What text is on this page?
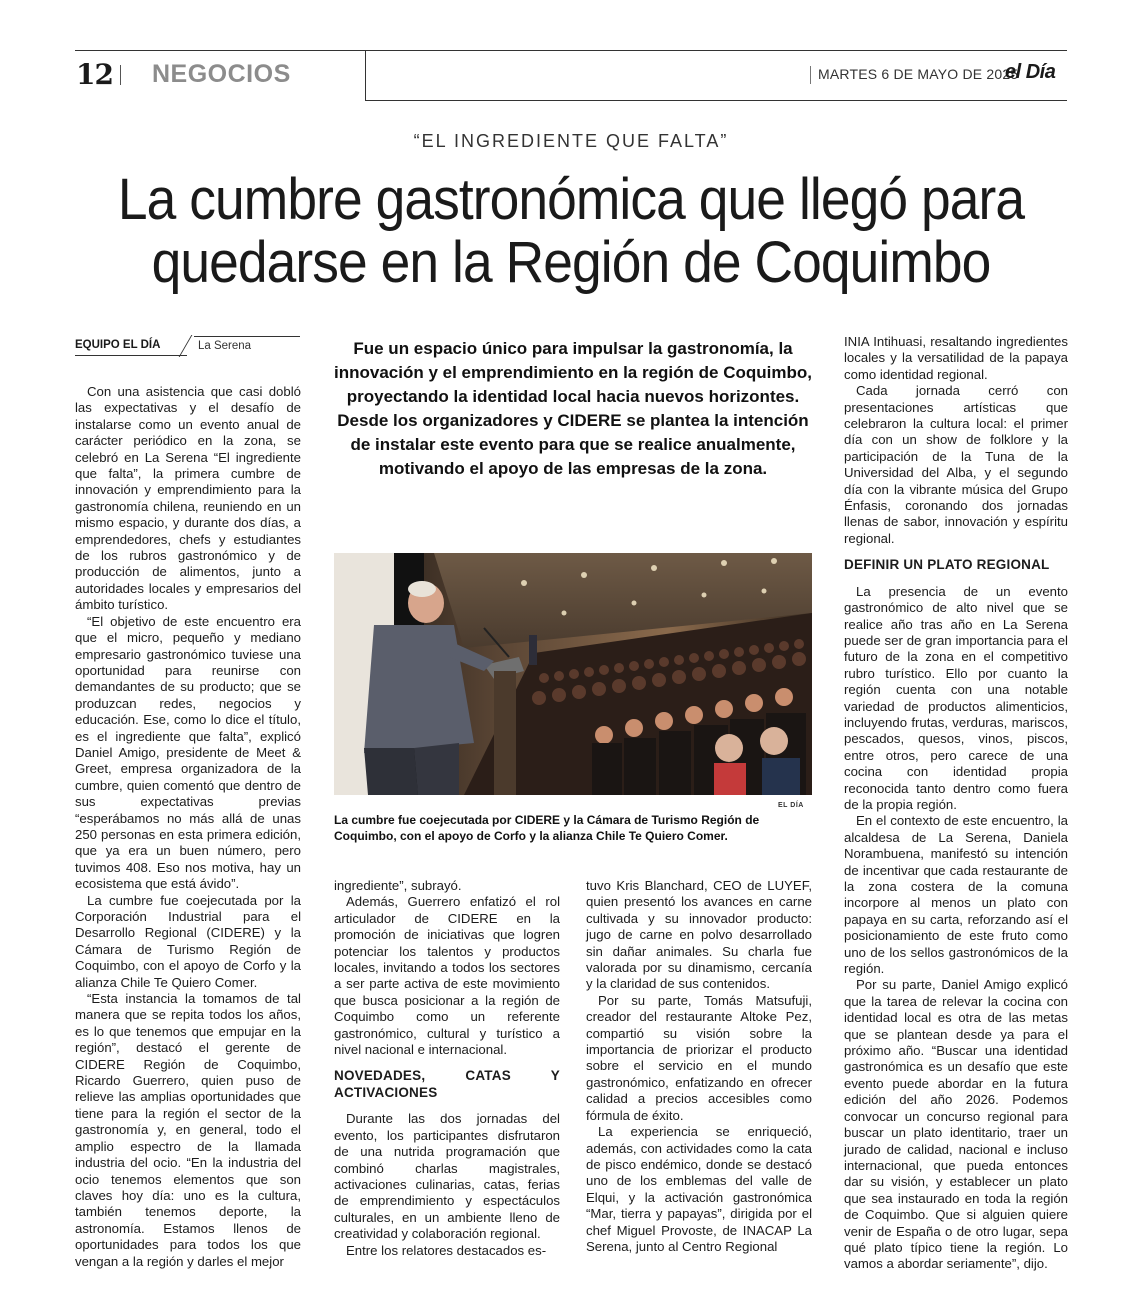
12 NEGOCIOS	MARTES 6 DE MAYO DE 2025
el Día
“EL INGREDIENTE QUE FALTA”
La cumbre gastronómica que llegó para
quedarse en la Región de Coquimbo
EQUIPO EL DÍA	La Serena

Con una asistencia que casi dobló las expectativas y el desafío de instalarse como un evento anual de carácter periódico en la zona, se celebró en La Serena “El ingrediente que falta”, la primera cumbre de innovación y emprendimiento para la gastronomía chilena, reuniendo en un mismo espacio, y durante dos días, a emprendedores, chefs y estudiantes de los rubros gastronómico y de producción de alimentos, junto a autoridades locales y empresarios del ámbito turístico.

“El objetivo de este encuentro era que el micro, pequeño y mediano empresario gastronómico tuviese una oportunidad para reunirse con demandantes de su producto; que se produzcan redes, negocios y educación. Ese, como lo dice el título, es el ingrediente que falta”, explicó Daniel Amigo, presidente de Meet & Greet, empresa organizadora de la cumbre, quien comentó que dentro de sus expectativas previas “esperábamos no más allá de unas 250 personas en esta primera edición, que ya era un buen número, pero tuvimos 408. Eso nos motiva, hay un ecosistema que está ávido”.

La cumbre fue coejecutada por la Corporación Industrial para el Desarrollo Regional (CIDERE) y la Cámara de Turismo Región de Coquimbo, con el apoyo de Corfo y la alianza Chile Te Quiero Comer.

“Esta instancia la tomamos de tal manera que se repita todos los años, es lo que tenemos que empujar en la región”, destacó el gerente de CIDERE Región de Coquimbo, Ricardo Guerrero, quien puso de relieve las amplias oportunidades que tiene para la región el sector de la gastronomía y, en general, todo el amplio espectro de la llamada industria del ocio. “En la industria del ocio tenemos elementos que son claves hoy día: uno es la cultura, también tenemos deporte, la astronomía. Estamos llenos de oportunidades para todos los que vengan a la región y darles el mejor

Fue un espacio único para impulsar la gastronomía, la innovación y el emprendimiento en la región de Coquimbo, proyectando la identidad local hacia nuevos horizontes. Desde los organizadores y CIDERE se plantea la intención de instalar este evento para que se realice anualmente, motivando el apoyo de las empresas de la zona.
EL DÍA
La cumbre fue coejecutada por CIDERE y la Cámara de Turismo Región de Coquimbo, con el apoyo de Corfo y la alianza Chile Te Quiero Comer.

ingrediente”, subrayó.

Además, Guerrero enfatizó el rol articulador de CIDERE en la promoción de iniciativas que logren potenciar los talentos y productos locales, invitando a todos los sectores a ser parte activa de este movimiento que busca posicionar a la región de Coquimbo como un referente gastronómico, cultural y turístico a nivel nacional e internacional.

NOVEDADES, CATAS Y ACTIVACIONES

Durante las dos jornadas del evento, los participantes disfrutaron de una nutrida programación que combinó charlas magistrales, activaciones culinarias, catas, ferias de emprendimiento y espectáculos culturales, en un ambiente lleno de creatividad y colaboración regional.

Entre los relatores destacados es-

tuvo Kris Blanchard, CEO de LUYEF, quien presentó los avances en carne cultivada y su innovador producto: jugo de carne en polvo desarrollado sin dañar animales. Su charla fue valorada por su dinamismo, cercanía y la claridad de sus contenidos.

Por su parte, Tomás Matsufuji, creador del restaurante Altoke Pez, compartió su visión sobre la importancia de priorizar el producto sobre el servicio en el mundo gastronómico, enfatizando en ofrecer calidad a precios accesibles como fórmula de éxito.

La experiencia se enriqueció, además, con actividades como la cata de pisco endémico, donde se destacó uno de los emblemas del valle de Elqui, y la activación gastronómica “Mar, tierra y papayas”, dirigida por el chef Miguel Provoste, de INACAP La Serena, junto al Centro Regional

INIA Intihuasi, resaltando ingredientes locales y la versatilidad de la papaya como identidad regional.

Cada jornada cerró con presentaciones artísticas que celebraron la cultura local: el primer día con un show de folklore y la participación de la Tuna de la Universidad del Alba, y el segundo día con la vibrante música del Grupo Énfasis, coronando dos jornadas llenas de sabor, innovación y espíritu regional.

DEFINIR UN PLATO REGIONAL

La presencia de un evento gastronómico de alto nivel que se realice año tras año en La Serena puede ser de gran importancia para el futuro de la zona en el competitivo rubro turístico. Ello por cuanto la región cuenta con una notable variedad de productos alimenticios, incluyendo frutas, verduras, mariscos, pescados, quesos, vinos, piscos, entre otros, pero carece de una cocina con identidad propia reconocida tanto dentro como fuera de la propia región.

En el contexto de este encuentro, la alcaldesa de La Serena, Daniela Norambuena, manifestó su intención de incentivar que cada restaurante de la zona costera de la comuna incorpore al menos un plato con papaya en su carta, reforzando así el posicionamiento de este fruto como uno de los sellos gastronómicos de la región.

Por su parte, Daniel Amigo explicó que la tarea de relevar la cocina con identidad local es otra de las metas que se plantean desde ya para el próximo año. “Buscar una identidad gastronómica es un desafío que este evento puede abordar en la futura edición del año 2026. Podemos convocar un concurso regional para buscar un plato identitario, traer un jurado de calidad, nacional e incluso internacional, que pueda entonces dar su visión, y establecer un plato que sea instaurado en toda la región de Coquimbo. Que si alguien quiere venir de España o de otro lugar, sepa qué plato típico tiene la región. Lo vamos a abordar seriamente”, dijo.
